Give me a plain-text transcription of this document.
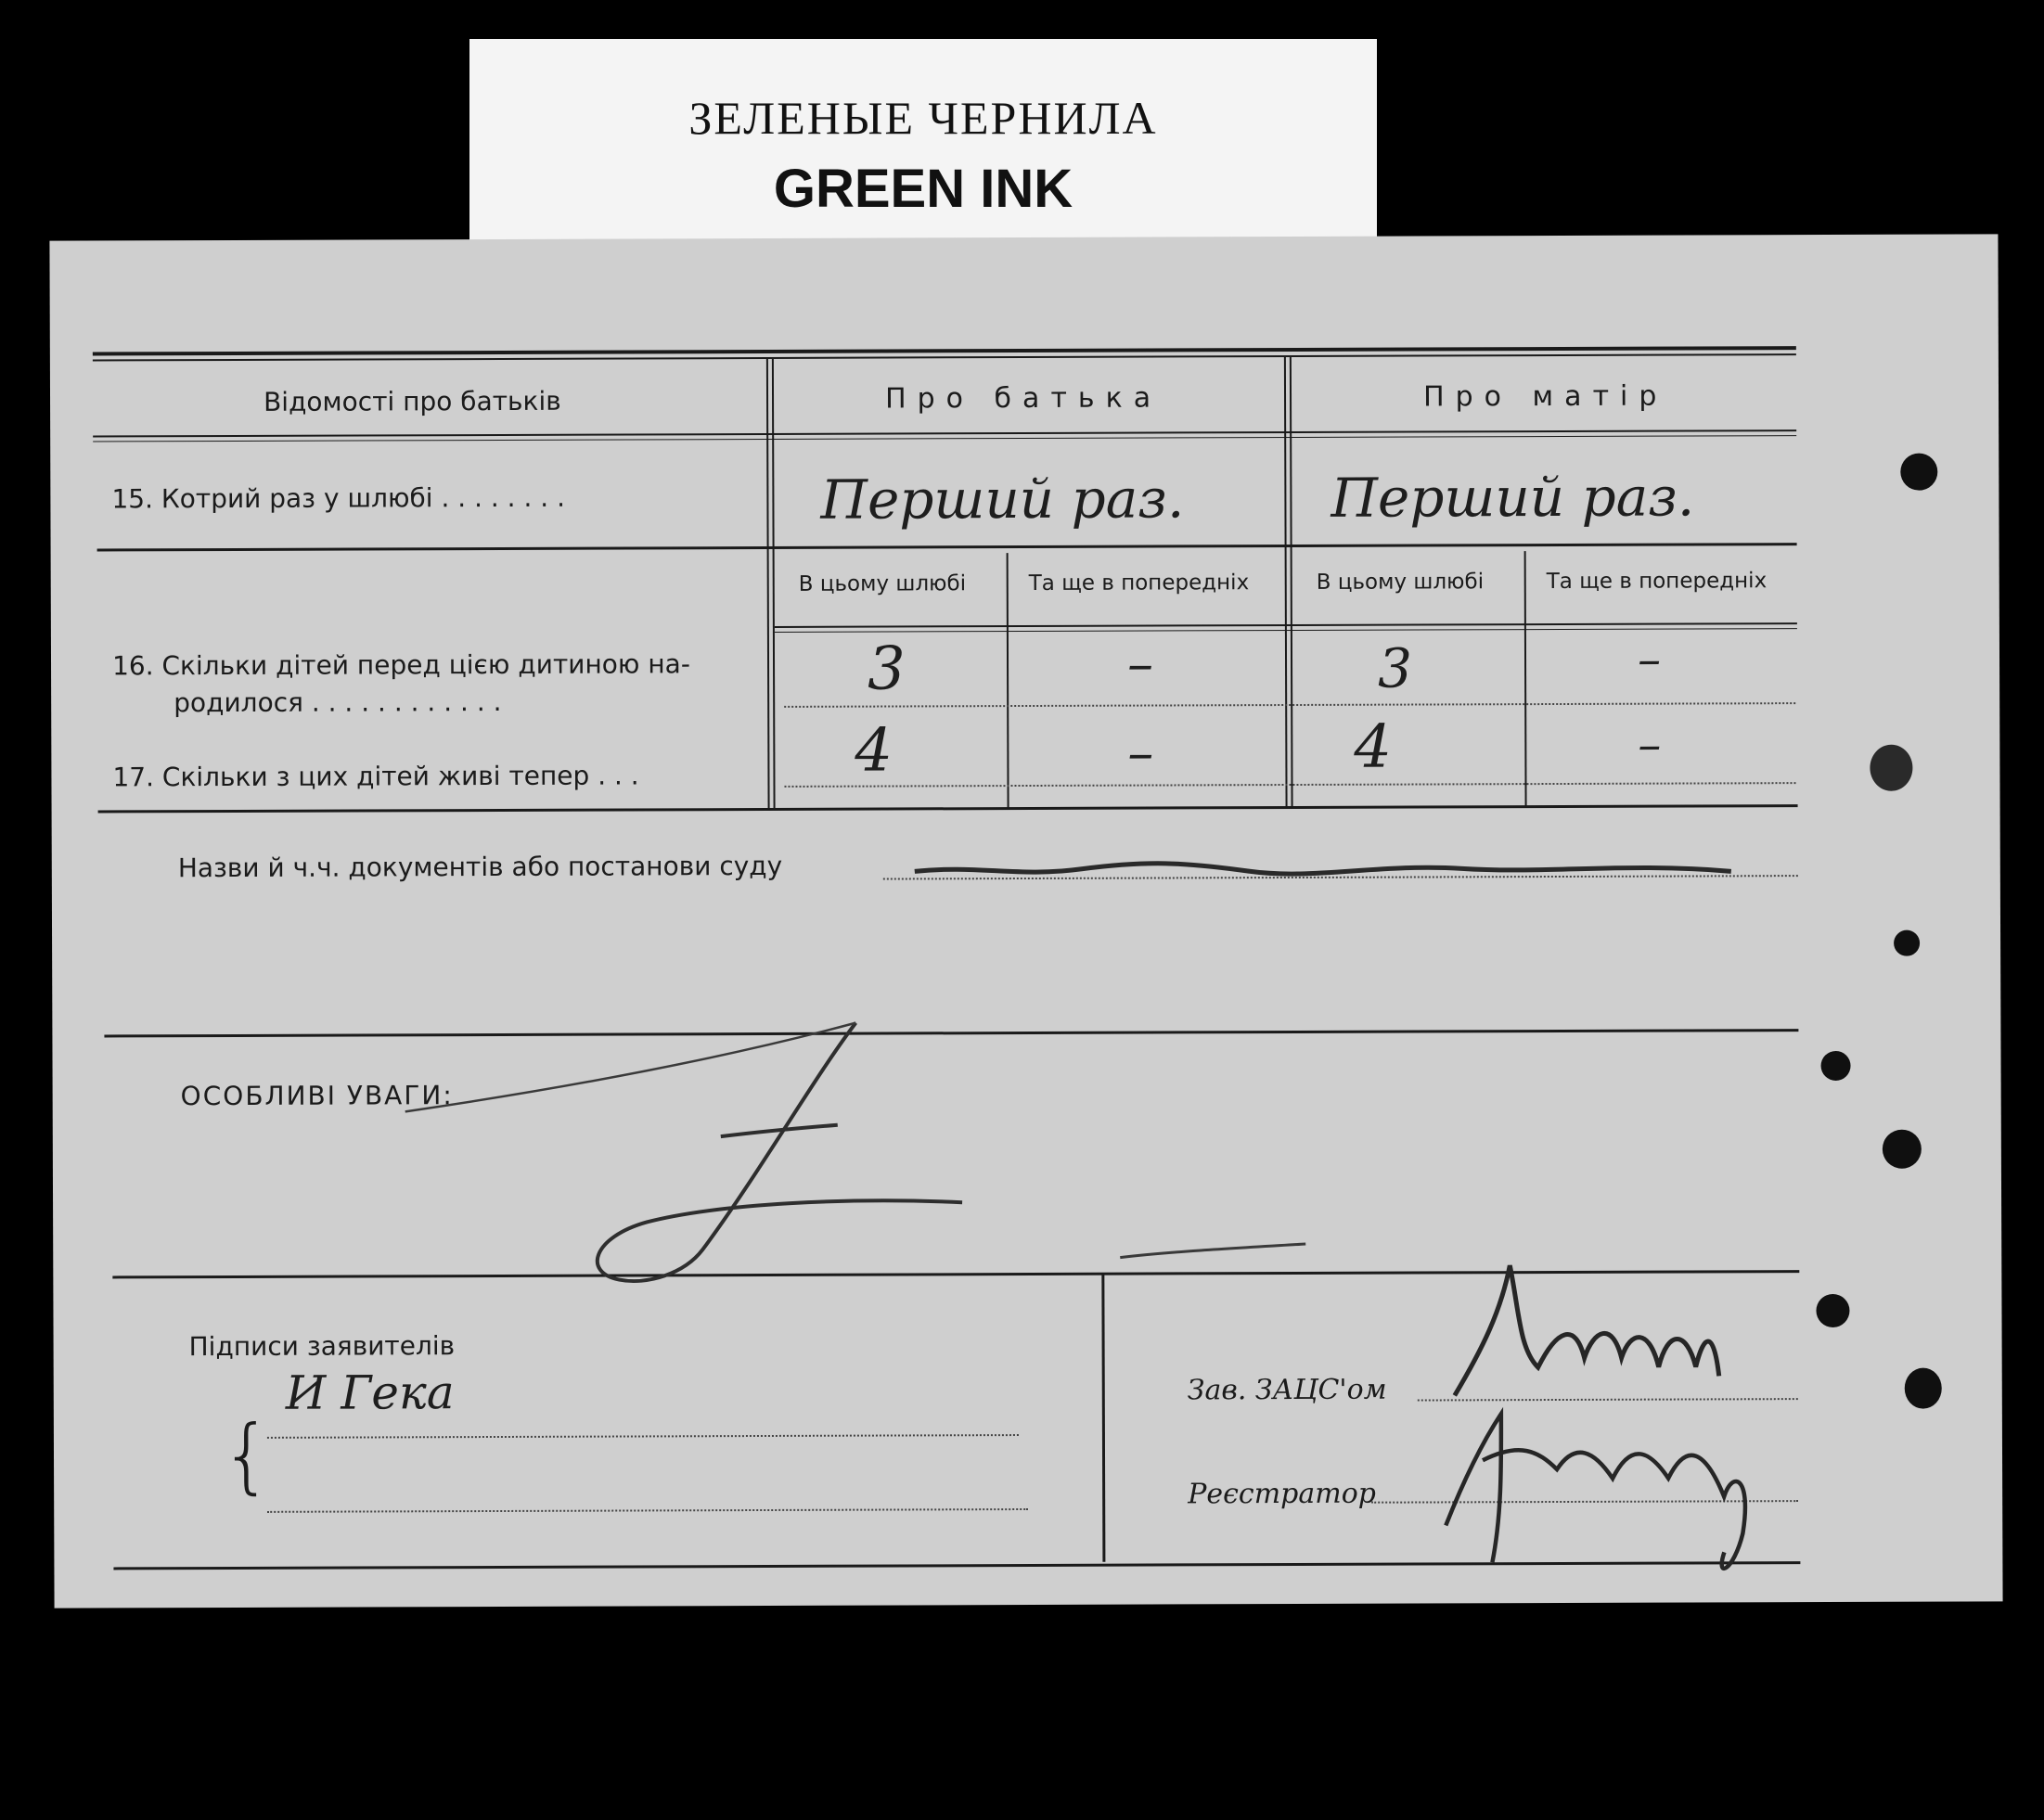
ЗЕЛЕНЫЕ ЧЕРНИЛА
GREEN INK
Відомості про батьків	Про батька	Про матір
15. Котрий раз у шлюбі . . . . . . . .	Перший раз.	Перший раз.
В цьому шлюбі	Та ще в попередніх	В цьому шлюбі	Та ще в попередніх
16. Скільки дітей перед цією дитиною на-
родилося . . . . . . . . . . . .	3	–	3	–
17. Скільки з цих дітей живі тепер . . .	4	–	4	–
Назви й ч.ч. документів або постанови суду
ОСОБЛИВІ УВАГИ:
Підписи заявителів
И Гека
{
Зав. ЗАЦС'ом
Реєстратор
